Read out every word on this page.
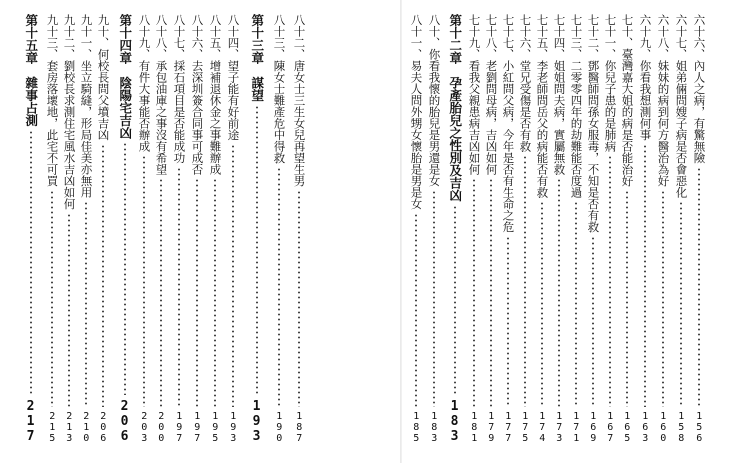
八十二、唐女士三生女兒再望生男
187
八十三、陳女士難產危中得救
190
第十三章　謀望
193
八十四、望子能有好前途
193
八十五、增補退休金之事難辦成
195
八十六、去深圳簽合同事可成否
197
八十七、採石項目是否能成功
197
八十八、承包油庫之事沒有希望
200
八十九、有件大事能否辦成
203
第十四章　陰陽宅吉凶
206
九十、何校長問父墳吉凶
206
九十一、坐立騎縫，形局佳美亦無用
210
九十二、劉校長求測住宅風水吉凶如何
213
九十三、套房落壞地，此宅不可買
215
第十五章　雜事占測
217
六十六、內人之病，有驚無險
156
六十七、姐弟倆問嫂子病是否會惡化
158
六十八、妹妹的病到何方醫治為好
160
六十九、你看我想測何事
163
七十、臺灣嘉大姐的病是否能治好
165
七十一、你兒子患的是肺病
167
七十二、鄧醫師問孫女服毒，不知是否有救
169
七十三、二零零四年的劫難能否度過
171
七十四、姐姐問夫病，實屬無救
173
七十五、李老師問岳父的病能否有救
174
七十六、堂兄受傷是否有救
175
七十七、小紅問父病，今年是否有生命之危
177
七十八、老劉問母病，吉凶如何
179
七十九、看我父親患病吉凶如何
181
第十二章　孕產胎兒之性別及吉凶
183
八十、你看我懷的胎兒是男還是女
183
八十一、易夫人問外甥女懷胎是男是女
185
